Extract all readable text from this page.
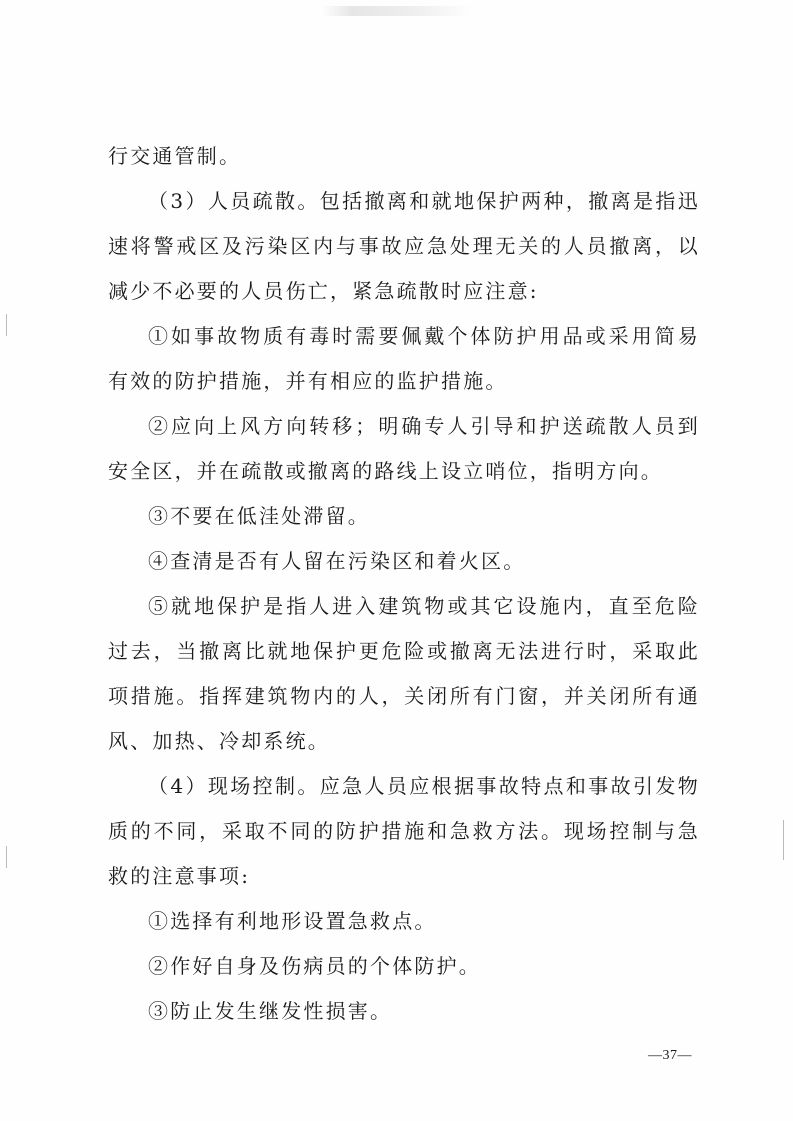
行交通管制。

（3）人员疏散。包括撤离和就地保护两种，撤离是指迅速将警戒区及污染区内与事故应急处理无关的人员撤离，以减少不必要的人员伤亡，紧急疏散时应注意:

①如事故物质有毒时需要佩戴个体防护用品或采用简易有效的防护措施，并有相应的监护措施。

②应向上风方向转移；明确专人引导和护送疏散人员到安全区，并在疏散或撤离的路线上设立哨位，指明方向。

③不要在低洼处滞留。

④查清是否有人留在污染区和着火区。

⑤就地保护是指人进入建筑物或其它设施内，直至危险过去，当撤离比就地保护更危险或撤离无法进行时，采取此项措施。指挥建筑物内的人，关闭所有门窗，并关闭所有通风、加热、冷却系统。

（4）现场控制。应急人员应根据事故特点和事故引发物质的不同，采取不同的防护措施和急救方法。现场控制与急救的注意事项:

①选择有利地形设置急救点。

②作好自身及伤病员的个体防护。

③防止发生继发性损害。

—37—
